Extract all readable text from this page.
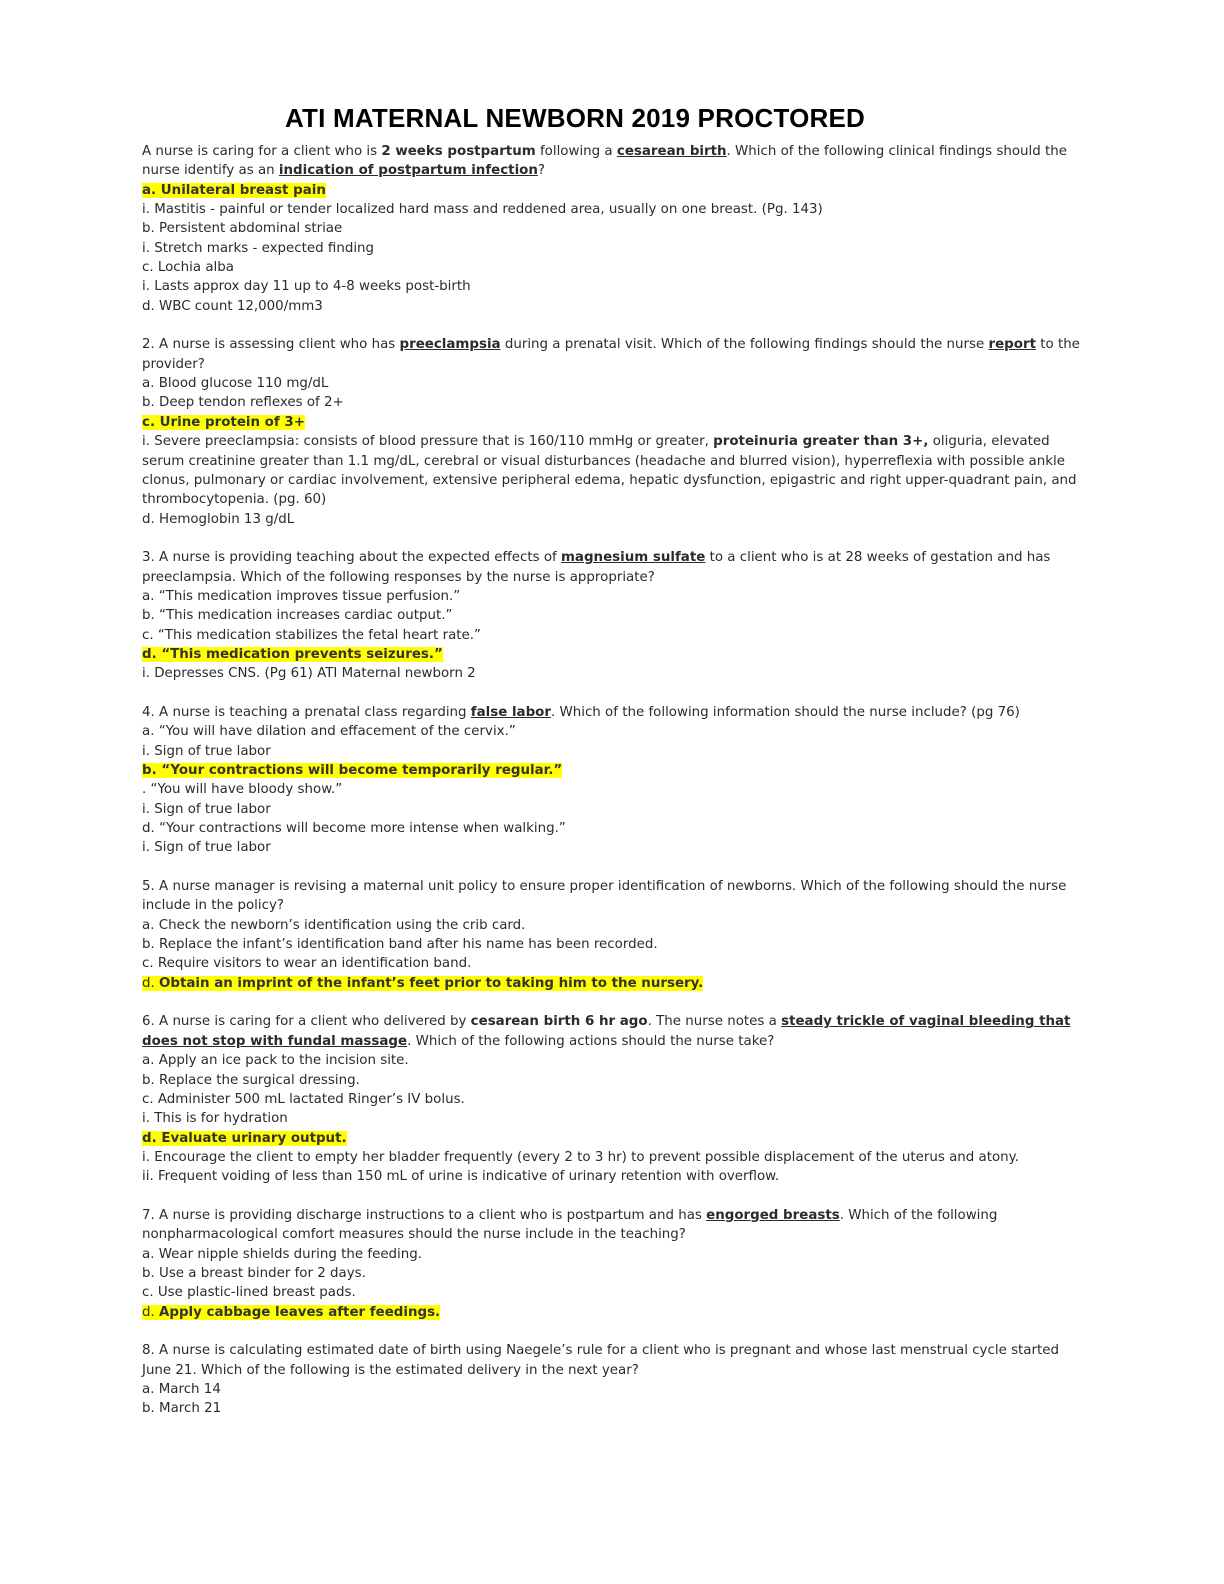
ATI MATERNAL NEWBORN 2019 PROCTORED
A nurse is caring for a client who is 2 weeks postpartum following a cesarean birth. Which of the following clinical findings should the nurse identify as an indication of postpartum infection?
a. Unilateral breast pain
i. Mastitis - painful or tender localized hard mass and reddened area, usually on one breast. (Pg. 143)
b. Persistent abdominal striae
i. Stretch marks - expected finding
c. Lochia alba
i. Lasts approx day 11 up to 4-8 weeks post-birth
d. WBC count 12,000/mm3
2. A nurse is assessing client who has preeclampsia during a prenatal visit. Which of the following findings should the nurse report to the provider?
a. Blood glucose 110 mg/dL
b. Deep tendon reflexes of 2+
c. Urine protein of 3+
i. Severe preeclampsia: consists of blood pressure that is 160/110 mmHg or greater, proteinuria greater than 3+, oliguria, elevated serum creatinine greater than 1.1 mg/dL, cerebral or visual disturbances (headache and blurred vision), hyperreflexia with possible ankle clonus, pulmonary or cardiac involvement, extensive peripheral edema, hepatic dysfunction, epigastric and right upper-quadrant pain, and thrombocytopenia. (pg. 60)
d. Hemoglobin 13 g/dL
3. A nurse is providing teaching about the expected effects of magnesium sulfate to a client who is at 28 weeks of gestation and has preeclampsia. Which of the following responses by the nurse is appropriate?
a. “This medication improves tissue perfusion.”
b. “This medication increases cardiac output.”
c. “This medication stabilizes the fetal heart rate.”
d. “This medication prevents seizures.”
i. Depresses CNS. (Pg 61) ATI Maternal newborn 2
4. A nurse is teaching a prenatal class regarding false labor. Which of the following information should the nurse include? (pg 76)
a. “You will have dilation and effacement of the cervix.”
i. Sign of true labor
b. “Your contractions will become temporarily regular.”
. “You will have bloody show.”
i. Sign of true labor
d. “Your contractions will become more intense when walking.”
i. Sign of true labor
5. A nurse manager is revising a maternal unit policy to ensure proper identification of newborns. Which of the following should the nurse include in the policy?
a. Check the newborn’s identification using the crib card.
b. Replace the infant’s identification band after his name has been recorded.
c. Require visitors to wear an identification band.
d. Obtain an imprint of the infant’s feet prior to taking him to the nursery.
6. A nurse is caring for a client who delivered by cesarean birth 6 hr ago. The nurse notes a steady trickle of vaginal bleeding that does not stop with fundal massage. Which of the following actions should the nurse take?
a. Apply an ice pack to the incision site.
b. Replace the surgical dressing.
c. Administer 500 mL lactated Ringer’s IV bolus.
i. This is for hydration
d. Evaluate urinary output.
i. Encourage the client to empty her bladder frequently (every 2 to 3 hr) to prevent possible displacement of the uterus and atony.
ii. Frequent voiding of less than 150 mL of urine is indicative of urinary retention with overflow.
7. A nurse is providing discharge instructions to a client who is postpartum and has engorged breasts. Which of the following nonpharmacological comfort measures should the nurse include in the teaching?
a. Wear nipple shields during the feeding.
b. Use a breast binder for 2 days.
c. Use plastic-lined breast pads.
d. Apply cabbage leaves after feedings.
8. A nurse is calculating estimated date of birth using Naegele’s rule for a client who is pregnant and whose last menstrual cycle started June 21. Which of the following is the estimated delivery in the next year?
a. March 14
b. March 21
